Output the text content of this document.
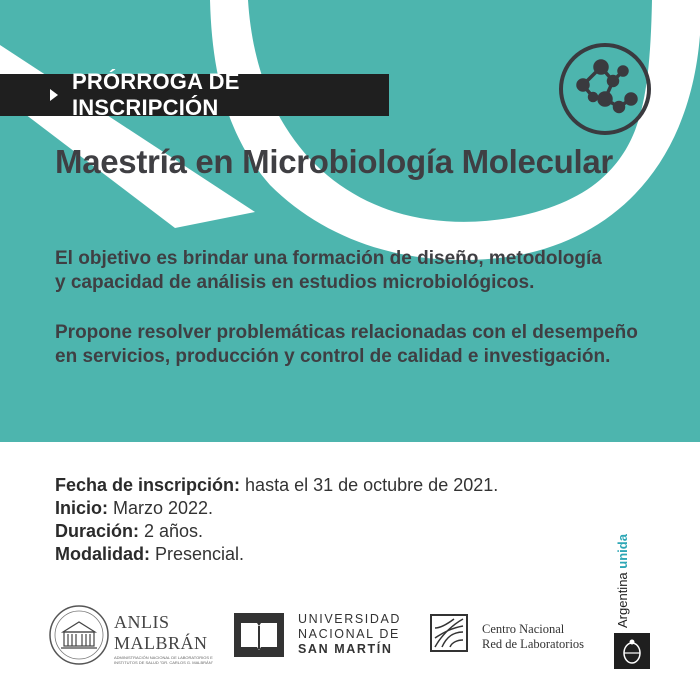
PRÓRROGA DE INSCRIPCIÓN
Maestría en Microbiología Molecular
El objetivo es brindar una formación de diseño, metodología
y capacidad de análisis en estudios microbiológicos.
Propone resolver problemáticas relacionadas con el desempeño
en servicios, producción y control de calidad e investigación.
Fecha de inscripción: hasta el 31 de octubre de 2021.
Inicio: Marzo 2022.
Duración: 2 años.
Modalidad: Presencial.
ANLIS
MALBRÁN
ADMINISTRACIÓN NACIONAL DE LABORATORIOS E INSTITUTOS DE SALUD "DR. CARLOS G. MALBRÁN"
UNIVERSIDAD
NACIONAL DE
SAN MARTÍN
Centro Nacional
Red de Laboratorios
Argentina unida
